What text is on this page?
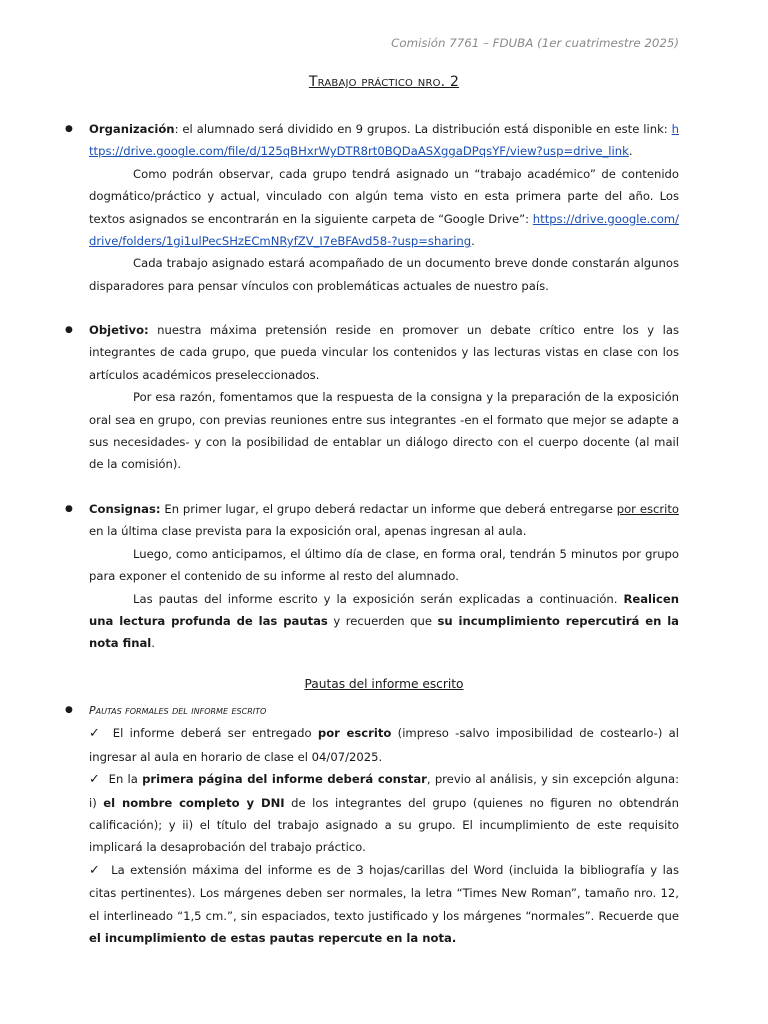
Comisión 7761 – FDUBA (1er cuatrimestre 2025)
Trabajo práctico nro. 2
● Organización: el alumnado será dividido en 9 grupos. La distribución está disponible en este link: https://drive.google.com/file/d/125qBHxrWyDTR8rt0BQDaASXggaDPqsYF/view?usp=drive_link.

Como podrán observar, cada grupo tendrá asignado un “trabajo académico” de contenido dogmático/práctico y actual, vinculado con algún tema visto en esta primera parte del año. Los textos asignados se encontrarán en la siguiente carpeta de “Google Drive”: https://drive.google.com/drive/folders/1gi1ulPecSHzECmNRyfZV_I7eBFAvd58-?usp=sharing.

Cada trabajo asignado estará acompañado de un documento breve donde constarán algunos disparadores para pensar vínculos con problemáticas actuales de nuestro país.

● Objetivo: nuestra máxima pretensión reside en promover un debate crítico entre los y las integrantes de cada grupo, que pueda vincular los contenidos y las lecturas vistas en clase con los artículos académicos preseleccionados.

Por esa razón, fomentamos que la respuesta de la consigna y la preparación de la exposición oral sea en grupo, con previas reuniones entre sus integrantes -en el formato que mejor se adapte a sus necesidades- y con la posibilidad de entablar un diálogo directo con el cuerpo docente (al mail de la comisión).

● Consignas: En primer lugar, el grupo deberá redactar un informe que deberá entregarse por escrito en la última clase prevista para la exposición oral, apenas ingresan al aula.

Luego, como anticipamos, el último día de clase, en forma oral, tendrán 5 minutos por grupo para exponer el contenido de su informe al resto del alumnado.

Las pautas del informe escrito y la exposición serán explicadas a continuación. Realicen una lectura profunda de las pautas y recuerden que su incumplimiento repercutirá en la nota final.

Pautas del informe escrito
● Pautas formales del informe escrito

✓ El informe deberá ser entregado por escrito (impreso -salvo imposibilidad de costearlo-) al ingresar al aula en horario de clase el 04/07/2025.

✓ En la primera página del informe deberá constar, previo al análisis, y sin excepción alguna: i) el nombre completo y DNI de los integrantes del grupo (quienes no figuren no obtendrán calificación); y ii) el título del trabajo asignado a su grupo. El incumplimiento de este requisito implicará la desaprobación del trabajo práctico.

✓ La extensión máxima del informe es de 3 hojas/carillas del Word (incluida la bibliografía y las citas pertinentes). Los márgenes deben ser normales, la letra “Times New Roman”, tamaño nro. 12, el interlineado “1,5 cm.”, sin espaciados, texto justificado y los márgenes “normales”. Recuerde que el incumplimiento de estas pautas repercute en la nota.
